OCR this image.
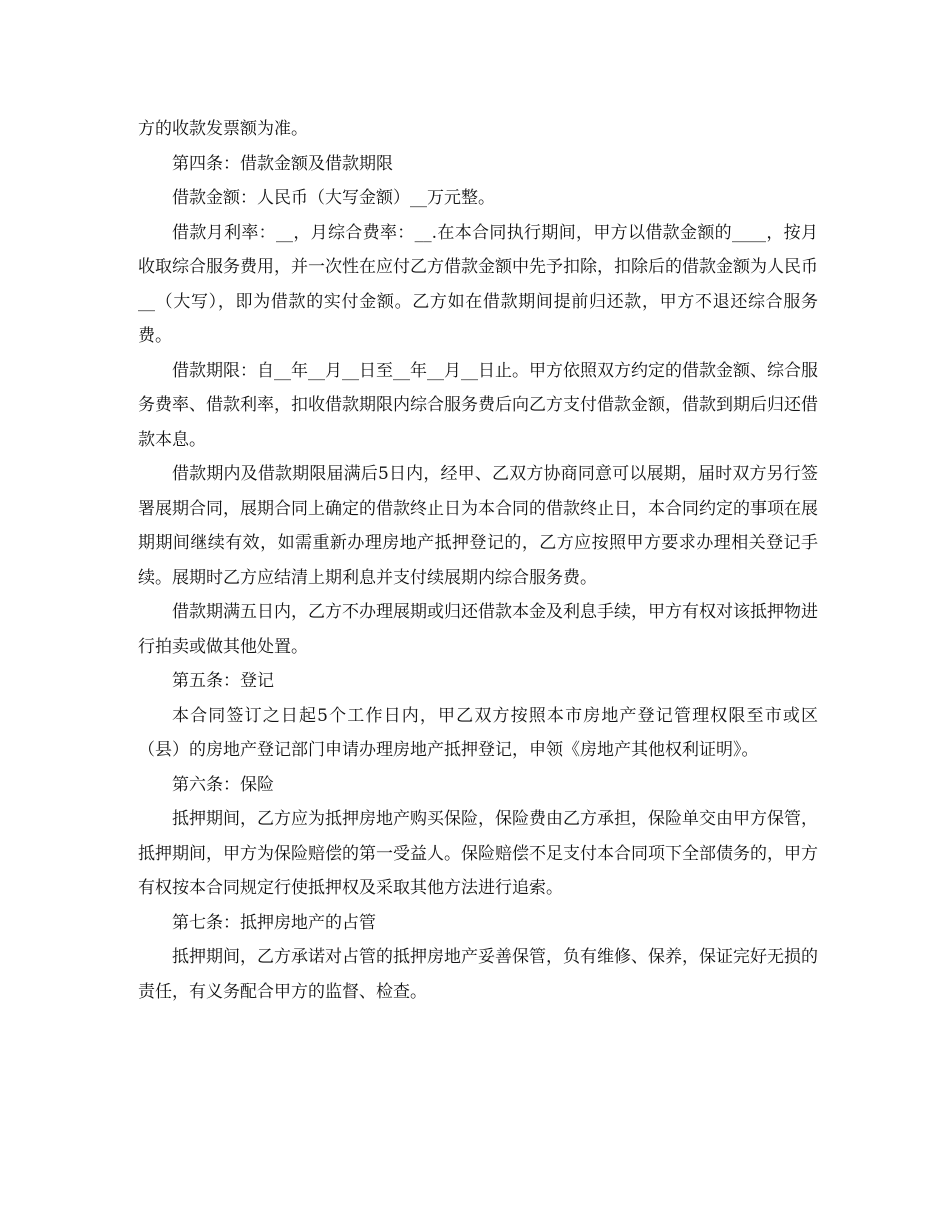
方的收款发票额为准。

第四条：借款金额及借款期限

借款金额：人民币（大写金额）__万元整。

借款月利率：__，月综合费率：__.在本合同执行期间，甲方以借款金额的____，按月收取综合服务费用，并一次性在应付乙方借款金额中先予扣除，扣除后的借款金额为人民币__（大写），即为借款的实付金额。乙方如在借款期间提前归还款，甲方不退还综合服务费。

借款期限：自__年__月__日至__年__月__日止。甲方依照双方约定的借款金额、综合服务费率、借款利率，扣收借款期限内综合服务费后向乙方支付借款金额，借款到期后归还借款本息。

借款期内及借款期限届满后5日内，经甲、乙双方协商同意可以展期，届时双方另行签署展期合同，展期合同上确定的借款终止日为本合同的借款终止日，本合同约定的事项在展期期间继续有效，如需重新办理房地产抵押登记的，乙方应按照甲方要求办理相关登记手续。展期时乙方应结清上期利息并支付续展期内综合服务费。

借款期满五日内，乙方不办理展期或归还借款本金及利息手续，甲方有权对该抵押物进行拍卖或做其他处置。

第五条：登记

本合同签订之日起5个工作日内，甲乙双方按照本市房地产登记管理权限至市或区（县）的房地产登记部门申请办理房地产抵押登记，申领《房地产其他权利证明》。

第六条：保险

抵押期间，乙方应为抵押房地产购买保险，保险费由乙方承担，保险单交由甲方保管，抵押期间，甲方为保险赔偿的第一受益人。保险赔偿不足支付本合同项下全部债务的，甲方有权按本合同规定行使抵押权及采取其他方法进行追索。

第七条：抵押房地产的占管

抵押期间，乙方承诺对占管的抵押房地产妥善保管，负有维修、保养，保证完好无损的责任，有义务配合甲方的监督、检查。
